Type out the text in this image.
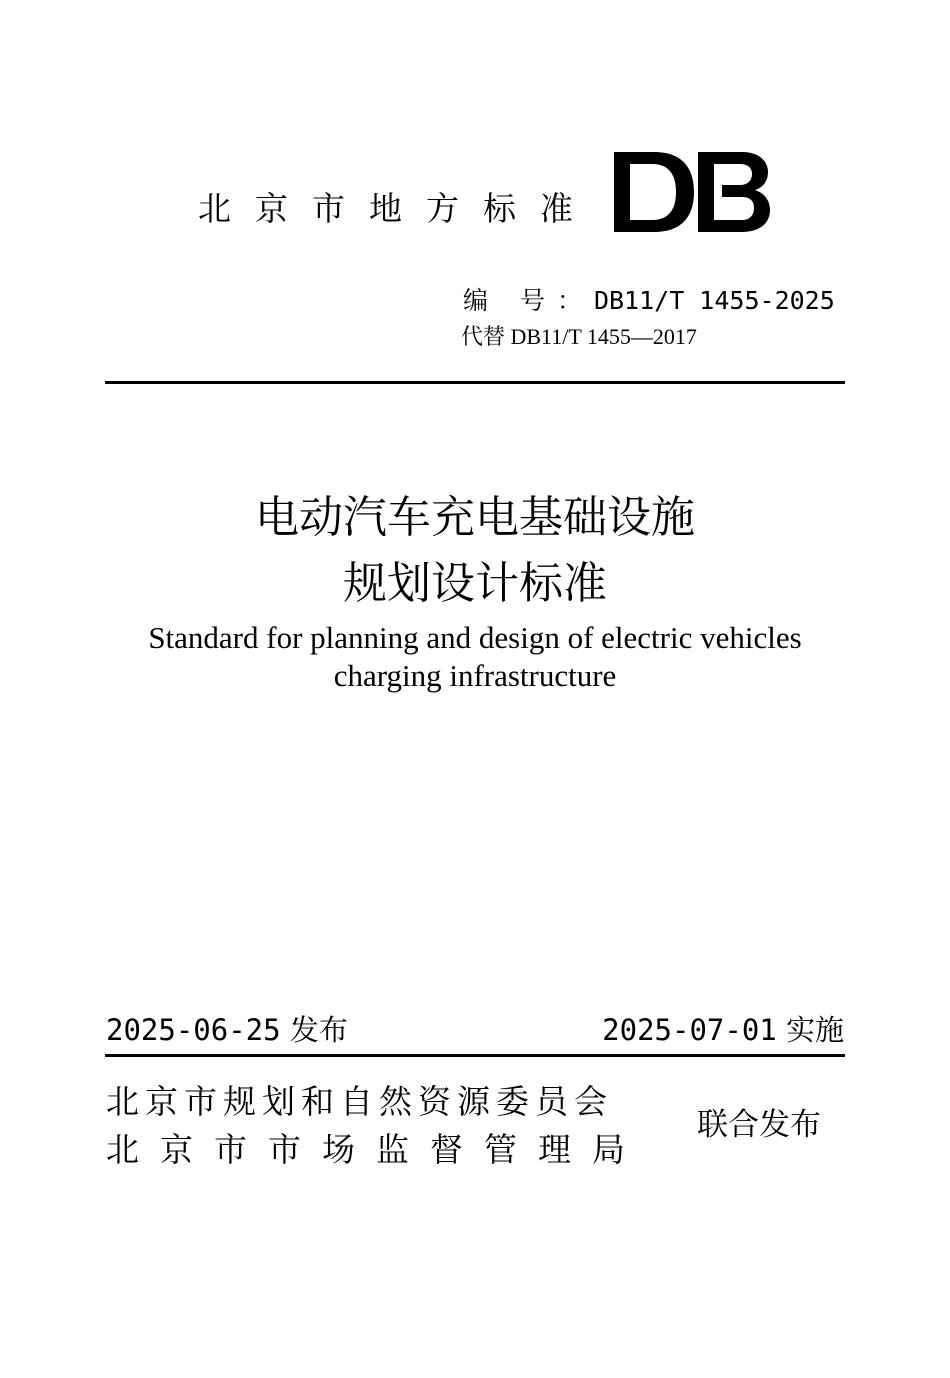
北京市地方标准
编 号：DB11/T 1455-2025
代替 DB11/T 1455—2017
电动汽车充电基础设施
规划设计标准
Standard for planning and design of electric vehicles
charging infrastructure
2025-06-25 发布	2025-07-01 实施
北京市规划和自然资源委员会
北京市市场监督管理局
联合发布
